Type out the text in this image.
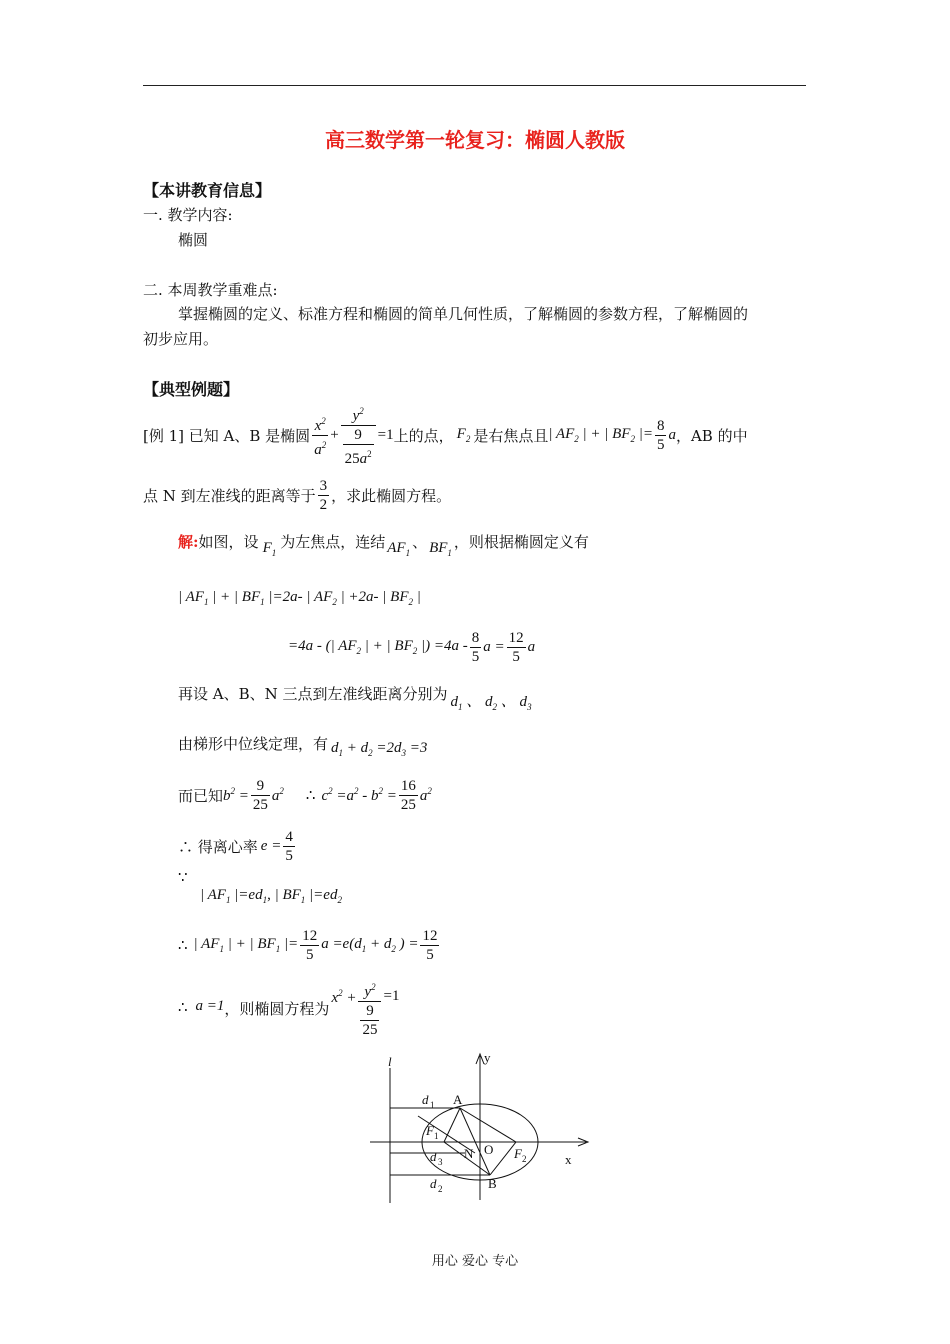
高三数学第一轮复习：椭圆人教版
【本讲教育信息】
一. 教学内容:
椭圆
二. 本周教学重难点:
掌握椭圆的定义、标准方程和椭圆的简单几何性质，了解椭圆的参数方程，了解椭圆的
初步应用。
【典型例题】
[例 1] 已知 A、B 是椭圆 $\frac{x^2}{a^2} + \frac{y^2}{\frac{9}{25a^2}} =1$ 上的点， $F_2$ 是右焦点且 | $AF_2$ | + | $BF_2$ |= $\frac{8}{5}$ a ，AB 的中
点 N 到左准线的距离等于 $\frac{3}{2}$ ，求此椭圆方程。
解: 如图，设 $F_1$
为左焦点，连结 $AF_1$
、 $BF_1$
，则根据椭圆定义有
| $AF_1$ | + | $BF_1$ |=2a- | $AF_2$ | +2a- | $BF_2$ |
=4a - (| $AF_2$ | + | $BF_2$ |) $=4a - \frac{8}{5}$ $a = \frac{12}{5}$ a
再设 A、B、N 三点到左准线距离分别为 $d_1$ 、 $d_2$ 、 $d_3$
由梯形中位线定理，有 $d_1 + d_2 =2d_3 =3$
而已知 $b^2 = \frac{9}{25} a^2$ ∴ $c^2 =a^2 - b^2 = \frac{16}{25} a^2$
∴ 得离心率 $e = \frac{4}{5}$
∵
| $AF_1$ $|=ed_1$, | $BF_1$ $|=ed_2$
∴ | $AF_1$ | + | $BF_1$ |= $\frac{12}{5}$ $a =e(d_1 + d_2$ ) = $\frac{12}{5}$
∴ a =1 ，则椭圆方程为
$x^2 + \frac{y^2}{\frac{9}{25}} =1$
l	y
x
d 1 A
F 1
O
N
d 3
F 2
d 2	B
用心 爱心 专心
